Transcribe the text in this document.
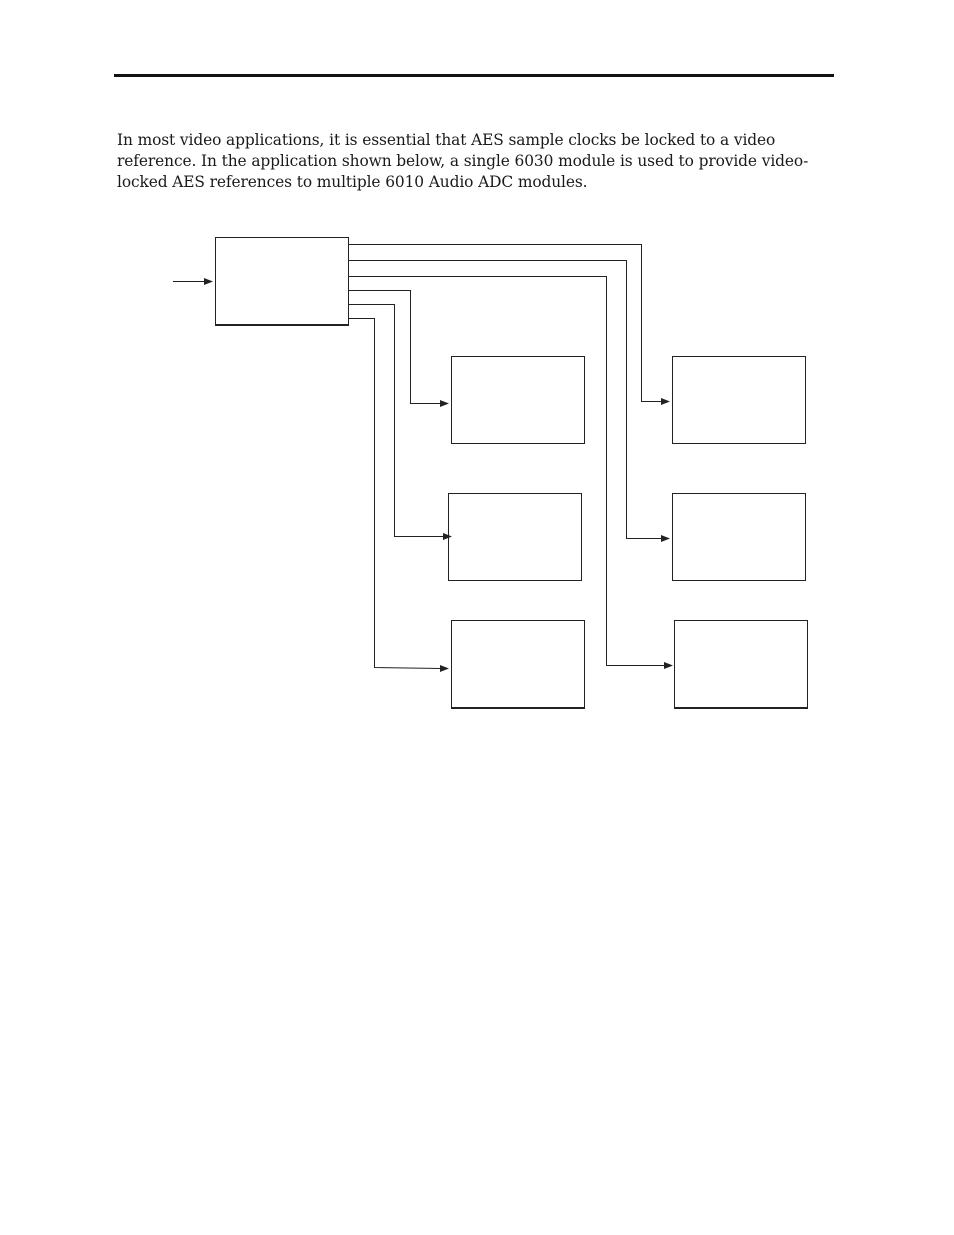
In most video applications, it is essential that AES sample clocks be locked to a video
reference. In the application shown below, a single 6030 module is used to provide video-
locked AES references to multiple 6010 Audio ADC modules.
